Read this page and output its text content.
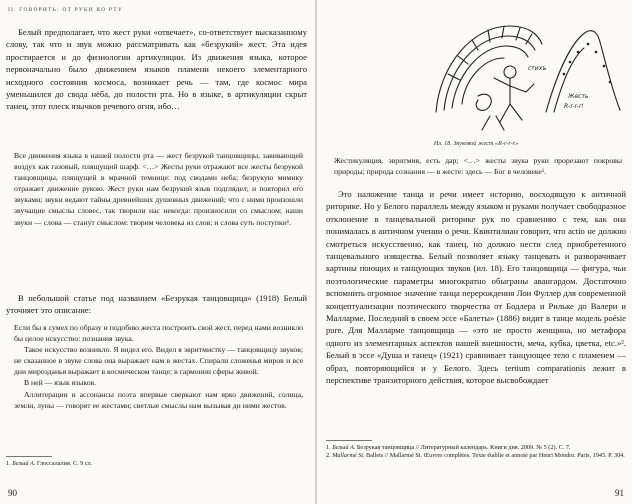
II. ГОВОРИТЬ: ОТ РУКИ КО РТУ

Белый предполагает, что жест руки «отвечает», со-ответствует высказанному слову, так что и звук можно рассматривать как «безрукий» жест. Эта идея простирается и до физиологии артикуляции. Из движения языка, которое первоначально было движением языков пламени некоего элементарного исходного состояния космоса, возникает речь — там, где космос мира уменьшился до свода нёба, до полости рта. Но в языке, в артикуляции скрыт танец, этот плеск язычков речевого огня, ибо…

Все движения языка в нашей полости рта — жест безрукой танцовщицы, завивающей воздух как газовый, плящущий шарф. <…> Жесты руки отражают все жесты безрукой танцовщицы, плящущей в мрачной темнице: под сводами неба; безрукую мимику отражает движение рукою. Жест руки нам безрукий язык подглядел; и повторил его звуками; звуки ведают тайны древнейших душевных движений; что с ними произошли звучащие смыслы словес, так творили нас некогда: произносили со смыслом; наши звуки — слова — станут смыслом: творим человека из слов; и слова суть поступки¹.

В небольшой статье под названием «Безрукая танцовщица» (1918) Белый уточняет это описание:

Если бы я сумел по образу и подобию жеста построить свой жест, перед нами возникло бы целое искусство: познания звука.

Такое искусство возникло. Я видел его. Видел я эвритмистку — танцовщицу звуков; не сказанное в звуке слова она выражает нам в жестах. Спирали сложенья миров и все дни мирозданья выражает в космическом танце; в гармонии сферы живой.

В ней — язык языков.

Аллитерации и ассонансы поэта впервые сверкают нам ярко движений, солнца, земли, луны — говорят ее жестами; светлые смыслы нам вызывая ди ними жестов.

1. Белый А. Глоссалалия. С. 9 сл.

90
стихъ
Жесть
R-r-r-r!
Ил. 18. Звуковой жест «R-r-r-r»

Жестикуляция, эвритмия, есть дар; <…> жесты звука руки прорезают покровы природы; природа сознания — в жесте: здесь — Бог в человеке¹.

Это наложение танца и речи имеет историю, восходящую к античной риторике. Но у Белого параллель между языком и руками получает свободразное отклонение в танцевальной риторике рук по сравнению с тем, как она понималась в античном учении о речи. Квинтилиан говорит, что actio не должно смотреться искусственно, как танец, но должно нести след приобретенного танцевального изящества. Белый позволяет языку танцевать и разворачивает картины поющих и танцующих звуков (ил. 18). Его танцовщица — фигура, чьи поэтологические параметры многократно обыграны авангардом. Достаточно вспомнить огромное значение танца перерождения Лои Фуллер для современной концептуализации поэтического творчества от Бодлера и Рильке до Валери и Малларме. Последний в своем эссе «Балеты» (1886) видит в танце модель poésie pure. Для Малларме танцовщица — «это не просто женщина, но метафора одного из элементарных аспектов нашей внешности, меча, кубка, цветка, etc.»². Белый в эссе «Душа и танец» (1921) сравнивает танцующее тело с пламенем — образ, повторяющийся и у Белого. Здесь tertium comparationis лежит в перспективе транзиторного действия, которое высвобождает

1. Белый А. Безрукая танцовщица // Литературный календарь. Книги дня. 2009. № 5 (2). С. 7.

2. Mallarmé St. Ballets // Mallarmé St. Œuvres complètes. Texte établie et annoté par Henri Mondor. Paris, 1945. P. 304.

91
